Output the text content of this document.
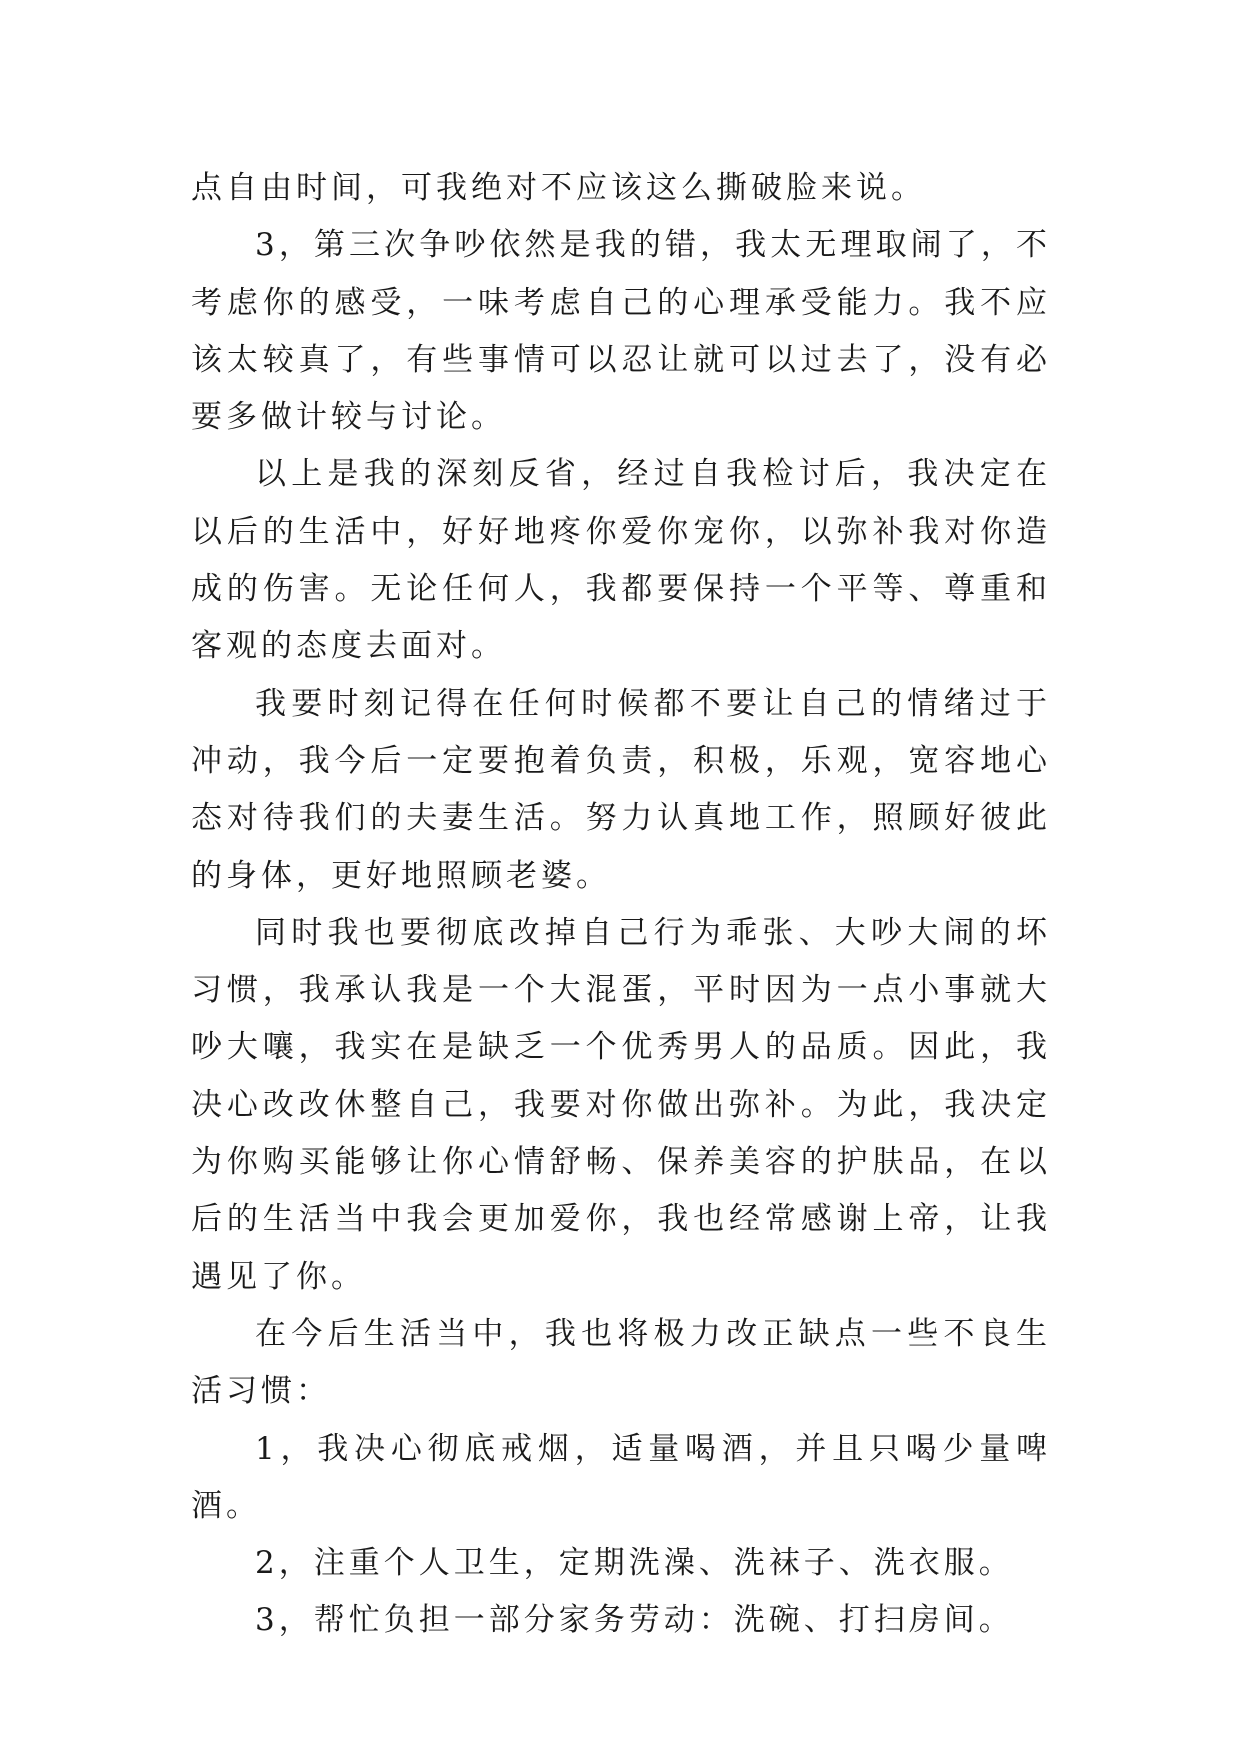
点自由时间，可我绝对不应该这么撕破脸来说。

3，第三次争吵依然是我的错，我太无理取闹了，不考虑你的感受，一味考虑自己的心理承受能力。我不应该太较真了，有些事情可以忍让就可以过去了，没有必要多做计较与讨论。

以上是我的深刻反省，经过自我检讨后，我决定在以后的生活中，好好地疼你爱你宠你，以弥补我对你造成的伤害。无论任何人，我都要保持一个平等、尊重和客观的态度去面对。

我要时刻记得在任何时候都不要让自己的情绪过于冲动，我今后一定要抱着负责，积极，乐观，宽容地心态对待我们的夫妻生活。努力认真地工作，照顾好彼此的身体，更好地照顾老婆。

同时我也要彻底改掉自己行为乖张、大吵大闹的坏习惯，我承认我是一个大混蛋，平时因为一点小事就大吵大嚷，我实在是缺乏一个优秀男人的品质。因此，我决心改改休整自己，我要对你做出弥补。为此，我决定为你购买能够让你心情舒畅、保养美容的护肤品，在以后的生活当中我会更加爱你，我也经常感谢上帝，让我遇见了你。

在今后生活当中，我也将极力改正缺点一些不良生活习惯：

1，我决心彻底戒烟，适量喝酒，并且只喝少量啤酒。

2，注重个人卫生，定期洗澡、洗袜子、洗衣服。

3，帮忙负担一部分家务劳动：洗碗、打扫房间。
